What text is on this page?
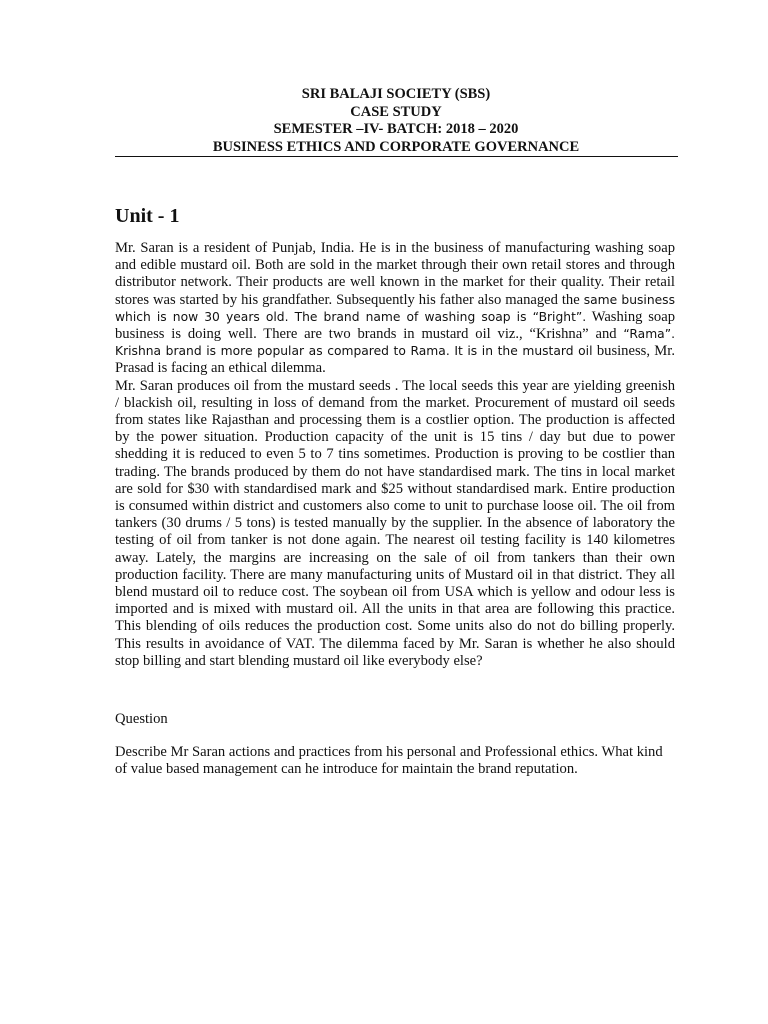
SRI BALAJI SOCIETY (SBS)
CASE STUDY
SEMESTER –IV- BATCH: 2018 – 2020
BUSINESS ETHICS AND CORPORATE GOVERNANCE
Unit - 1

Mr. Saran is a resident of Punjab, India. He is in the business of manufacturing washing soap and edible mustard oil. Both are sold in the market through their own retail stores and through distributor network. Their products are well known in the market for their quality. Their retail stores was started by his grandfather. Subsequently his father also managed the same business which is now 30 years old. The brand name of washing soap is “Bright”. Washing soap business is doing well. There are two brands in mustard oil viz., “Krishna” and “Rama”. Krishna brand is more popular as compared to Rama. It is in the mustard oil business, Mr. Prasad is facing an ethical dilemma.

Mr. Saran produces oil from the mustard seeds . The local seeds this year are yielding greenish / blackish oil, resulting in loss of demand from the market. Procurement of mustard oil seeds from states like Rajasthan and processing them is a costlier option. The production is affected by the power situation. Production capacity of the unit is 15 tins / day but due to power shedding it is reduced to even 5 to 7 tins sometimes. Production is proving to be costlier than trading. The brands produced by them do not have standardised mark. The tins in local market are sold for $30 with standardised mark and $25 without standardised mark. Entire production is consumed within district and customers also come to unit to purchase loose oil. The oil from tankers (30 drums / 5 tons) is tested manually by the supplier. In the absence of laboratory the testing of oil from tanker is not done again. The nearest oil testing facility is 140 kilometres away. Lately, the margins are increasing on the sale of oil from tankers than their own production facility. There are many manufacturing units of Mustard oil in that district. They all blend mustard oil to reduce cost. The soybean oil from USA which is yellow and odour less is imported and is mixed with mustard oil. All the units in that area are following this practice. This blending of oils reduces the production cost. Some units also do not do billing properly. This results in avoidance of VAT. The dilemma faced by Mr. Saran is whether he also should stop billing and start blending mustard oil like everybody else?

Question
Describe Mr Saran actions and practices from his personal and Professional ethics. What kind of value based management can he introduce for maintain the brand reputation.
